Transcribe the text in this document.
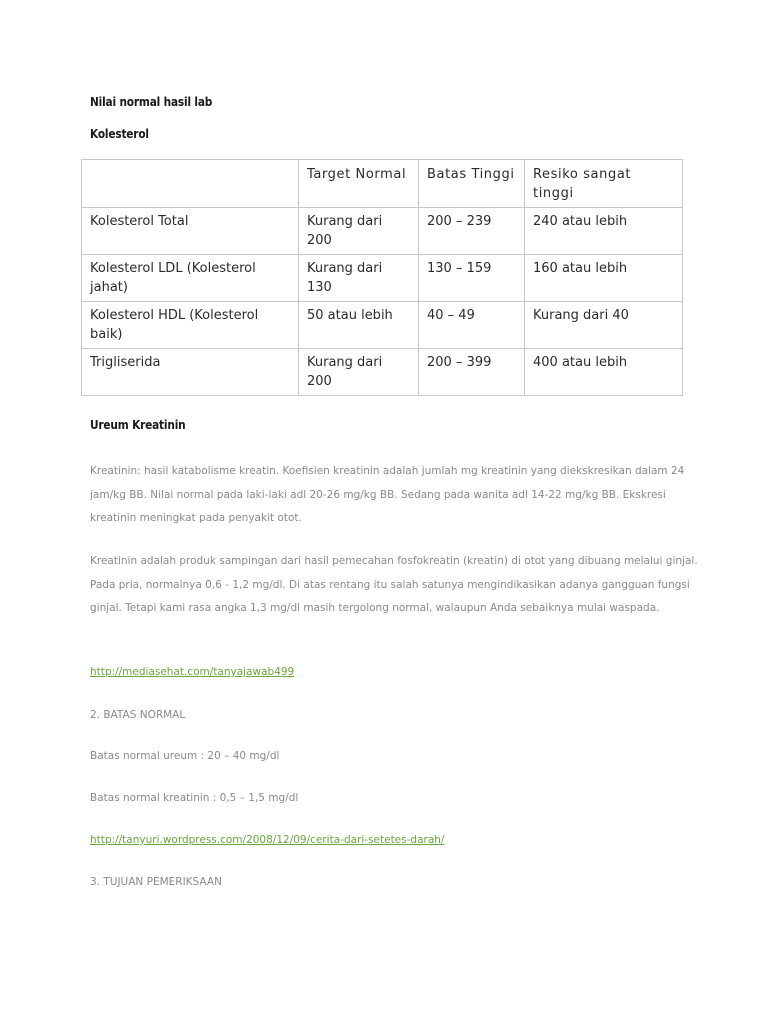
Nilai normal hasil lab
Kolesterol
	Target Normal	Batas Tinggi	Resiko sangat tinggi
Kolesterol Total	Kurang dari 200	200 – 239	240 atau lebih
Kolesterol LDL (Kolesterol jahat)	Kurang dari 130	130 – 159	160 atau lebih
Kolesterol HDL (Kolesterol baik)	50 atau lebih	40 – 49	Kurang dari 40
Trigliserida	Kurang dari 200	200 – 399	400 atau lebih
Ureum Kreatinin
Kreatinin: hasil katabolisme kreatin. Koefisien kreatinin adalah jumlah mg kreatinin yang diekskresikan dalam 24 jam/kg BB. Nilai normal pada laki-laki adl 20-26 mg/kg BB. Sedang pada wanita adl 14-22 mg/kg BB. Ekskresi kreatinin meningkat pada penyakit otot.
Kreatinin adalah produk sampingan dari hasil pemecahan fosfokreatin (kreatin) di otot yang dibuang melalui ginjal. Pada pria, normalnya 0,6 - 1,2 mg/dl. Di atas rentang itu salah satunya mengindikasikan adanya gangguan fungsi ginjal. Tetapi kami rasa angka 1,3 mg/dl masih tergolong normal, walaupun Anda sebaiknya mulai waspada.
http://mediasehat.com/tanyajawab499
2. BATAS NORMAL
Batas normal ureum : 20 – 40 mg/dl
Batas normal kreatinin : 0,5 – 1,5 mg/dl
http://tanyuri.wordpress.com/2008/12/09/cerita-dari-setetes-darah/
3. TUJUAN PEMERIKSAAN
